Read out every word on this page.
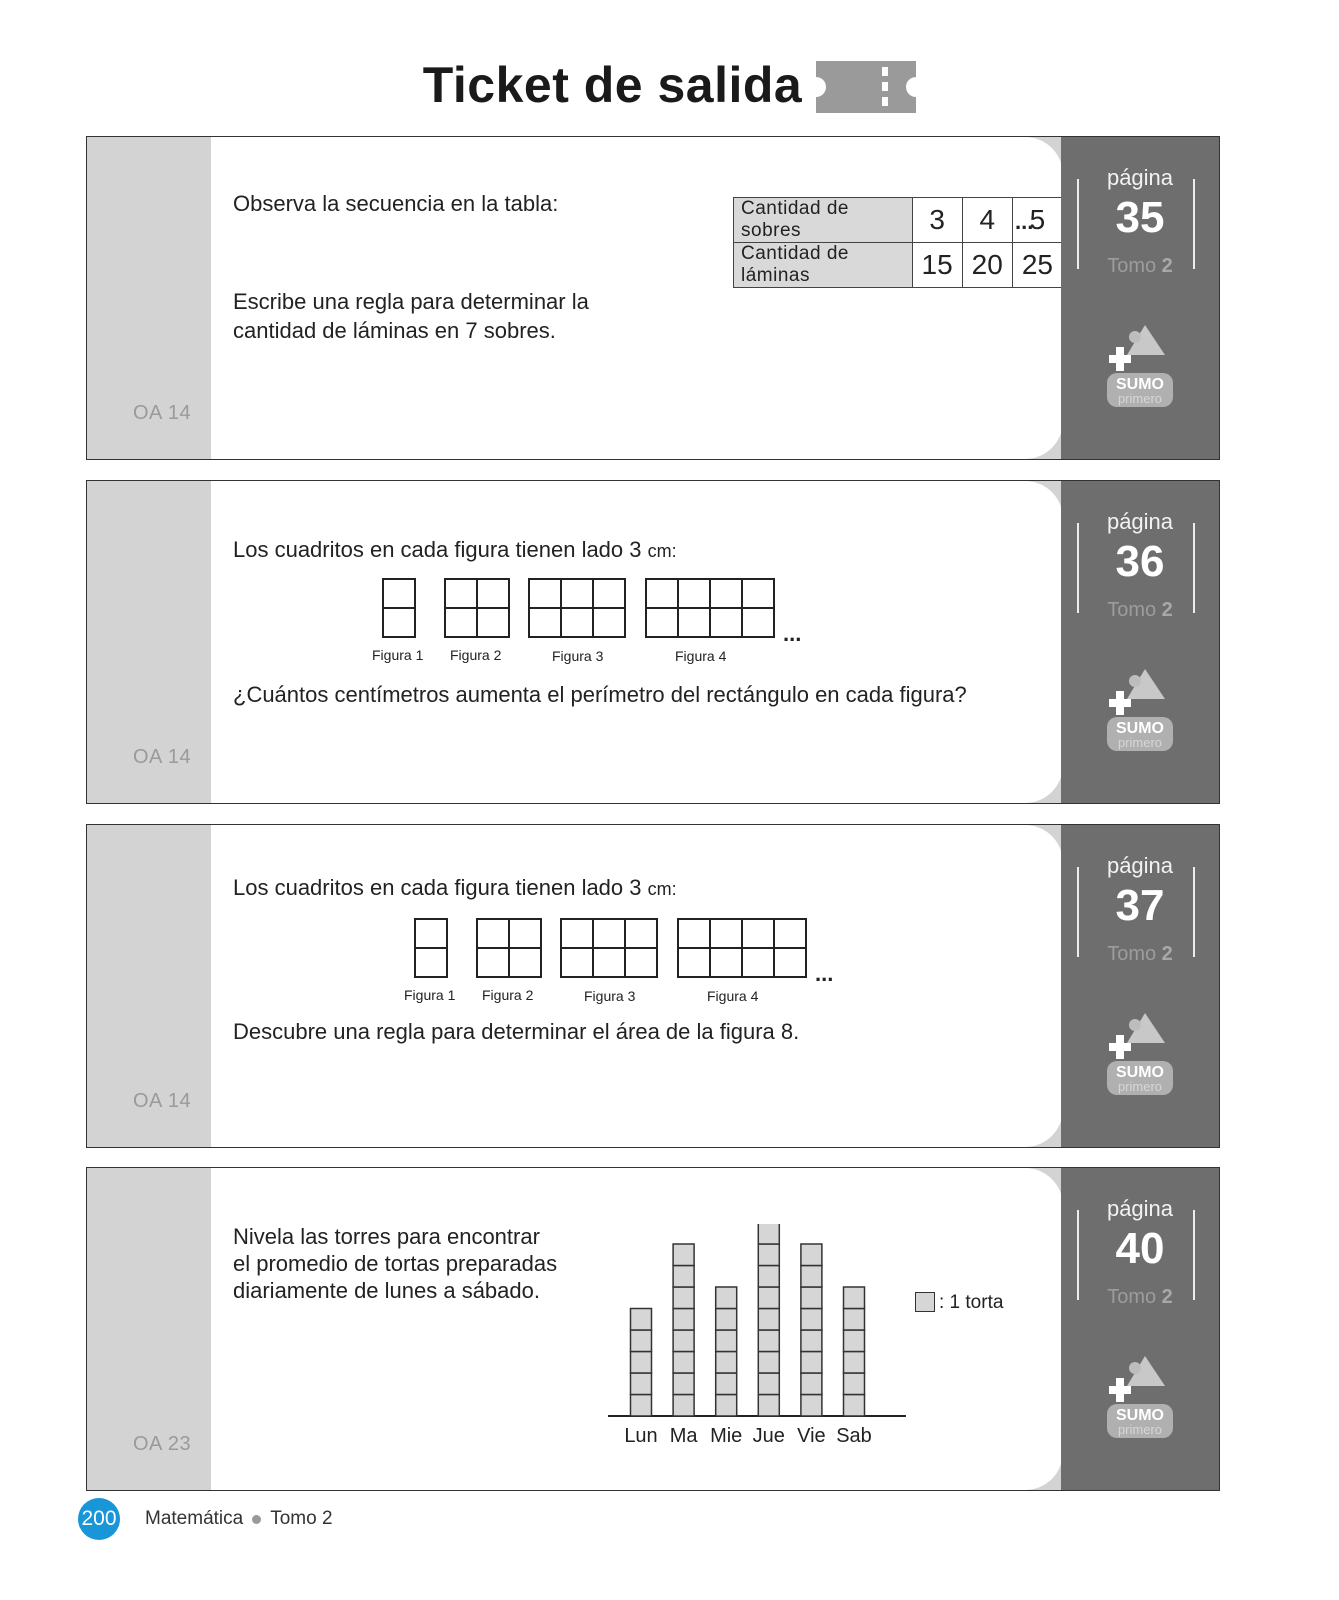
Ticket de salida
OA 14
Observa la secuencia en la tabla:	Cantidad de sobres	3	4	5
Cantidad de láminas	15	20	25
...
Escribe una regla para determinar la
cantidad de láminas en 7 sobres.
página
35
Tomo 2
SUMO
primero
OA 14
Los cuadritos en cada figura tienen lado 3 cm:
...
Figura 1 Figura 2	Figura 3	Figura 4
¿Cuántos centímetros aumenta el perímetro del rectángulo en cada figura?
página
36
Tomo 2
SUMO
primero
OA 14
Los cuadritos en cada figura tienen lado 3 cm:
...
Figura 1 Figura 2	Figura 3	Figura 4
Descubre una regla para determinar el área de la figura 8.
página
37
Tomo 2
SUMO
primero
OA 23
Nivela las torres para encontrar
el promedio de tortas preparadas
diariamente de lunes a sábado.
Lun Ma Mie Jue Vie Sab
: 1 torta
página
40
Tomo 2
SUMO
primero
200 Matemática Tomo 2
